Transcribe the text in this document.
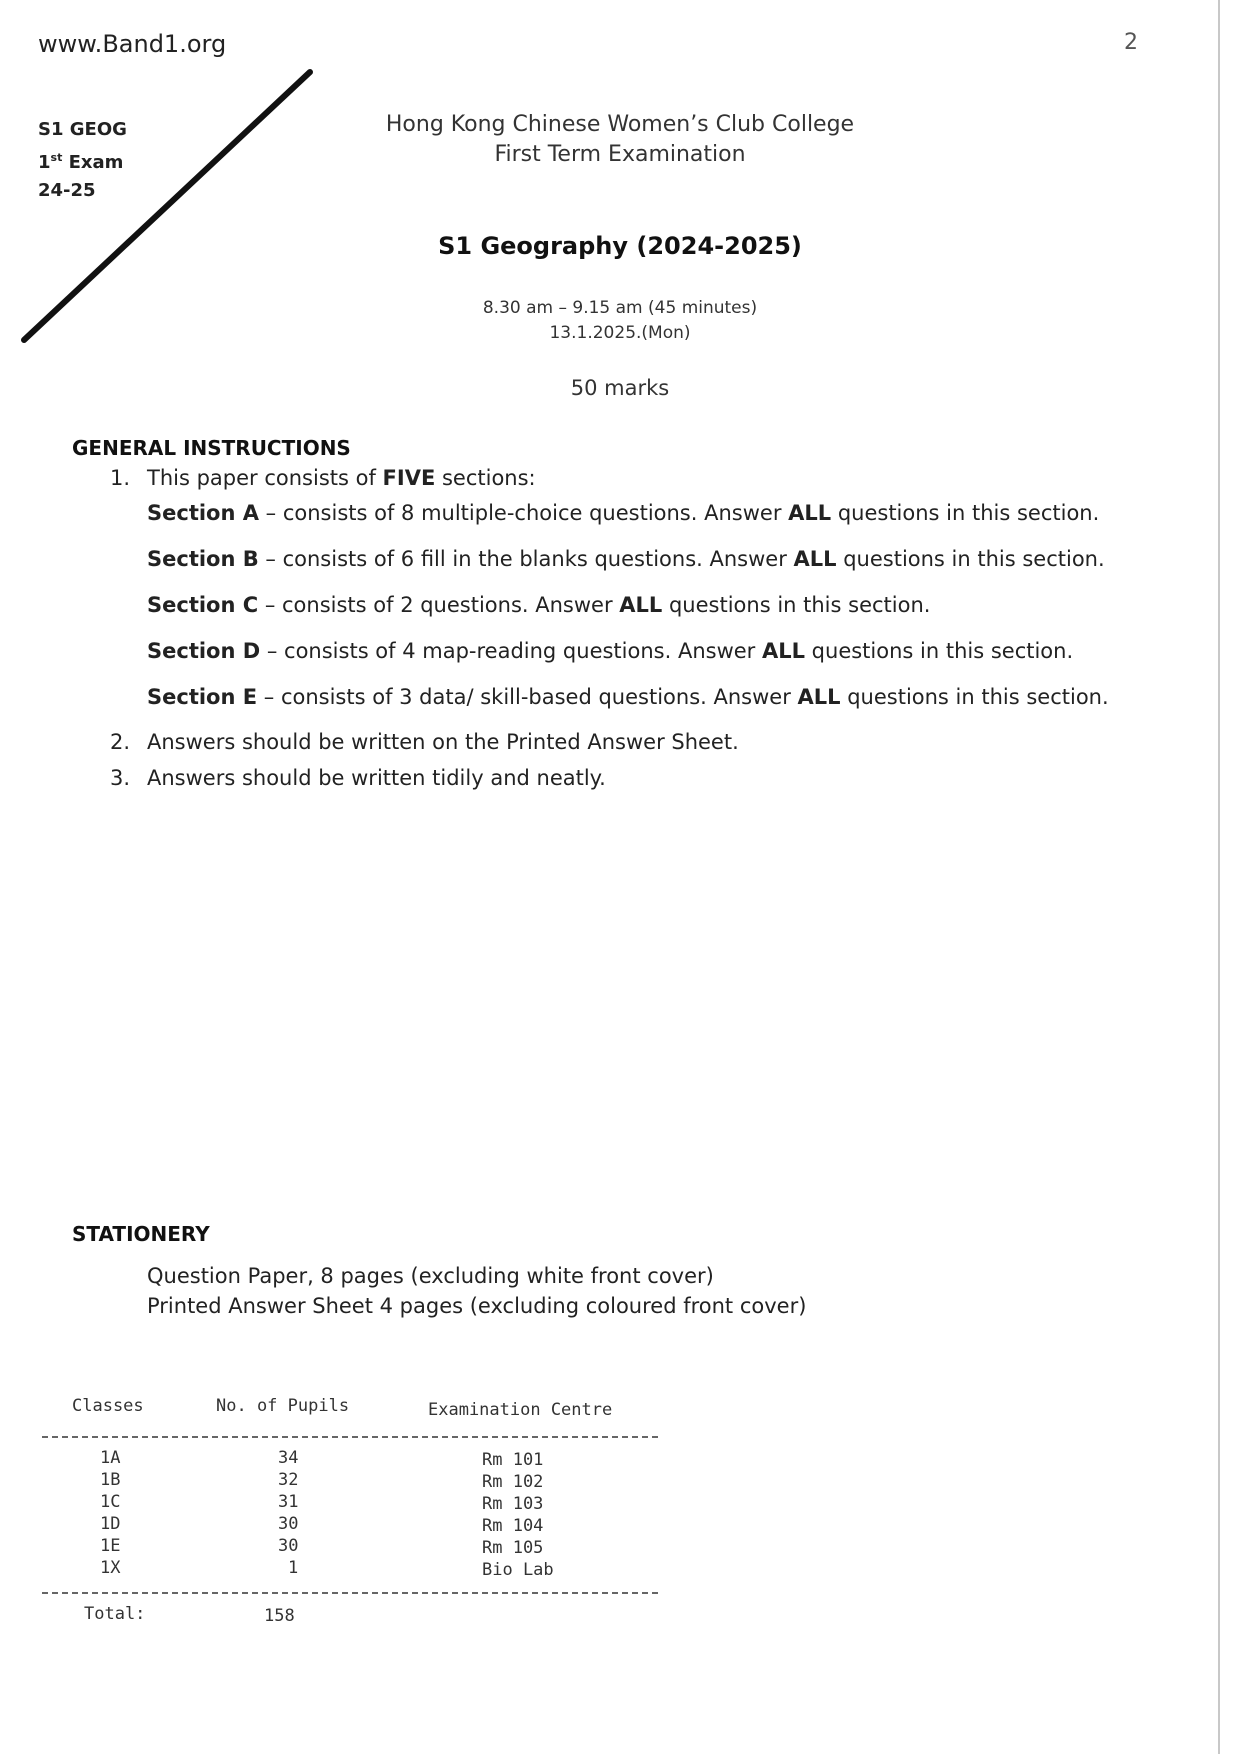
www.Band1.org
S1 GEOG
1st Exam
24-25
2
Hong Kong Chinese Women’s Club College
First Term Examination
S1 Geography (2024-2025)
8.30 am – 9.15 am (45 minutes)
13.1.2025.(Mon)
50 marks
GENERAL INSTRUCTIONS
1. This paper consists of FIVE sections:
Section A – consists of 8 multiple-choice questions. Answer ALL questions in this section.
Section B – consists of 6 fill in the blanks questions. Answer ALL questions in this section.
Section C – consists of 2 questions. Answer ALL questions in this section.
Section D – consists of 4 map-reading questions. Answer ALL questions in this section.
Section E – consists of 3 data/ skill-based questions. Answer ALL questions in this section.
2. Answers should be written on the Printed Answer Sheet.
3. Answers should be written tidily and neatly.
STATIONERY
Question Paper, 8 pages (excluding white front cover)
Printed Answer Sheet 4 pages (excluding coloured front cover)
Classes	No. of Pupils	Examination Centre
1A	34	Rm 101
1B	32	Rm 102
1C	31	Rm 103
1D	30	Rm 104
1E	30	Rm 105
1X	1	Bio Lab
Total:	158
